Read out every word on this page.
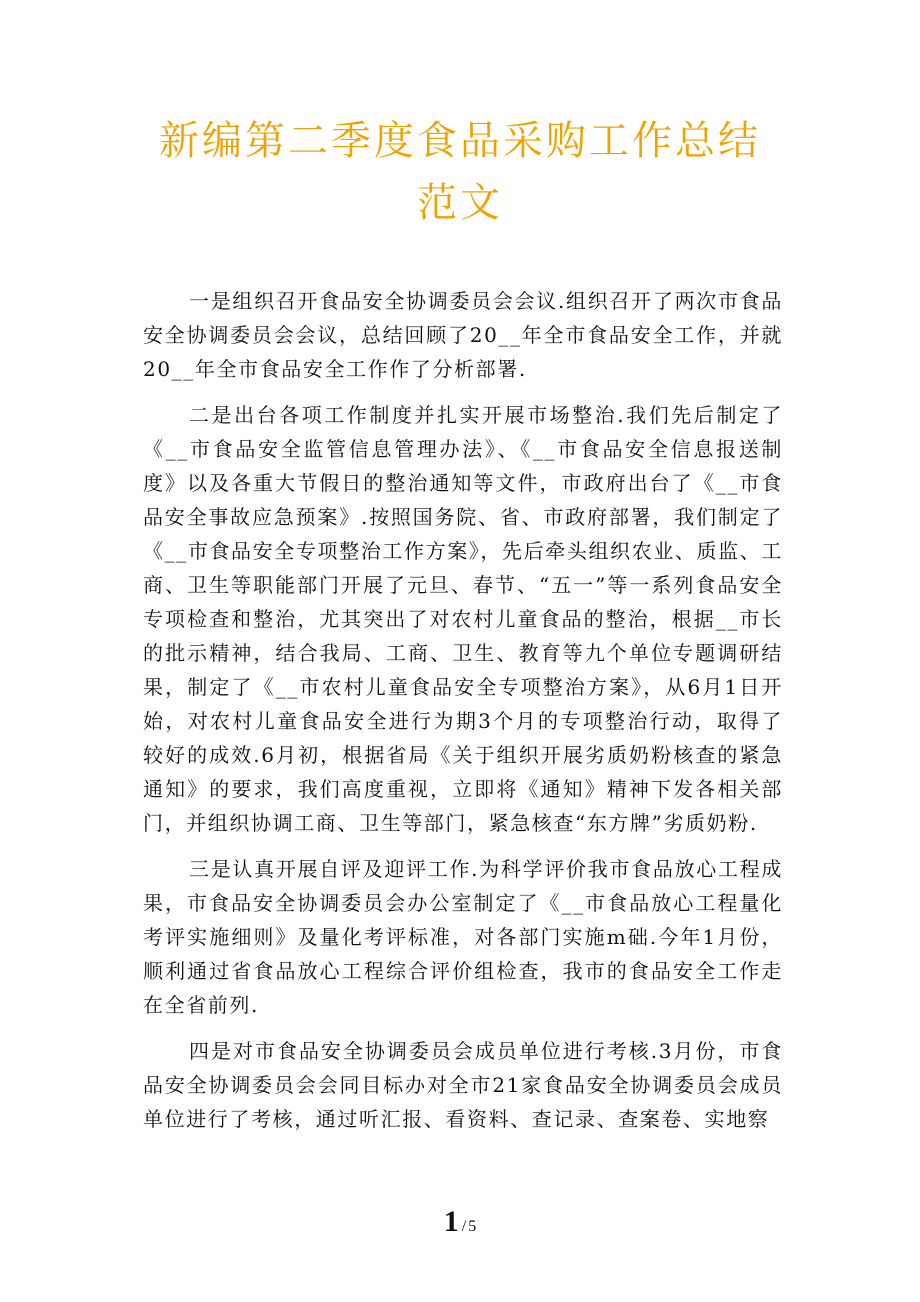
新编第二季度食品采购工作总结范文

一是组织召开食品安全协调委员会会议.组织召开了两次市食品安全协调委员会会议，总结回顾了20__年全市食品安全工作，并就20__年全市食品安全工作作了分析部署.

二是出台各项工作制度并扎实开展市场整治.我们先后制定了《__市食品安全监管信息管理办法》、《__市食品安全信息报送制度》以及各重大节假日的整治通知等文件，市政府出台了《__市食品安全事故应急预案》.按照国务院、省、市政府部署，我们制定了《__市食品安全专项整治工作方案》，先后牵头组织农业、质监、工商、卫生等职能部门开展了元旦、春节、“五一”等一系列食品安全专项检查和整治，尤其突出了对农村儿童食品的整治，根据__市长的批示精神，结合我局、工商、卫生、教育等九个单位专题调研结果，制定了《__市农村儿童食品安全专项整治方案》，从6月1日开始，对农村儿童食品安全进行为期3个月的专项整治行动，取得了较好的成效.6月初，根据省局《关于组织开展劣质奶粉核查的紧急通知》的要求，我们高度重视，立即将《通知》精神下发各相关部门，并组织协调工商、卫生等部门，紧急核查“东方牌”劣质奶粉.

三是认真开展自评及迎评工作.为科学评价我市食品放心工程成果，市食品安全协调委员会办公室制定了《__市食品放心工程量化考评实施细则》及量化考评标准，对各部门实施m础.今年1月份，顺利通过省食品放心工程综合评价组检查，我市的食品安全工作走在全省前列.

四是对市食品安全协调委员会成员单位进行考核.3月份，市食品安全协调委员会会同目标办对全市21家食品安全协调委员会成员单位进行了考核，通过听汇报、看资料、查记录、查案卷、实地察

1 / 5
